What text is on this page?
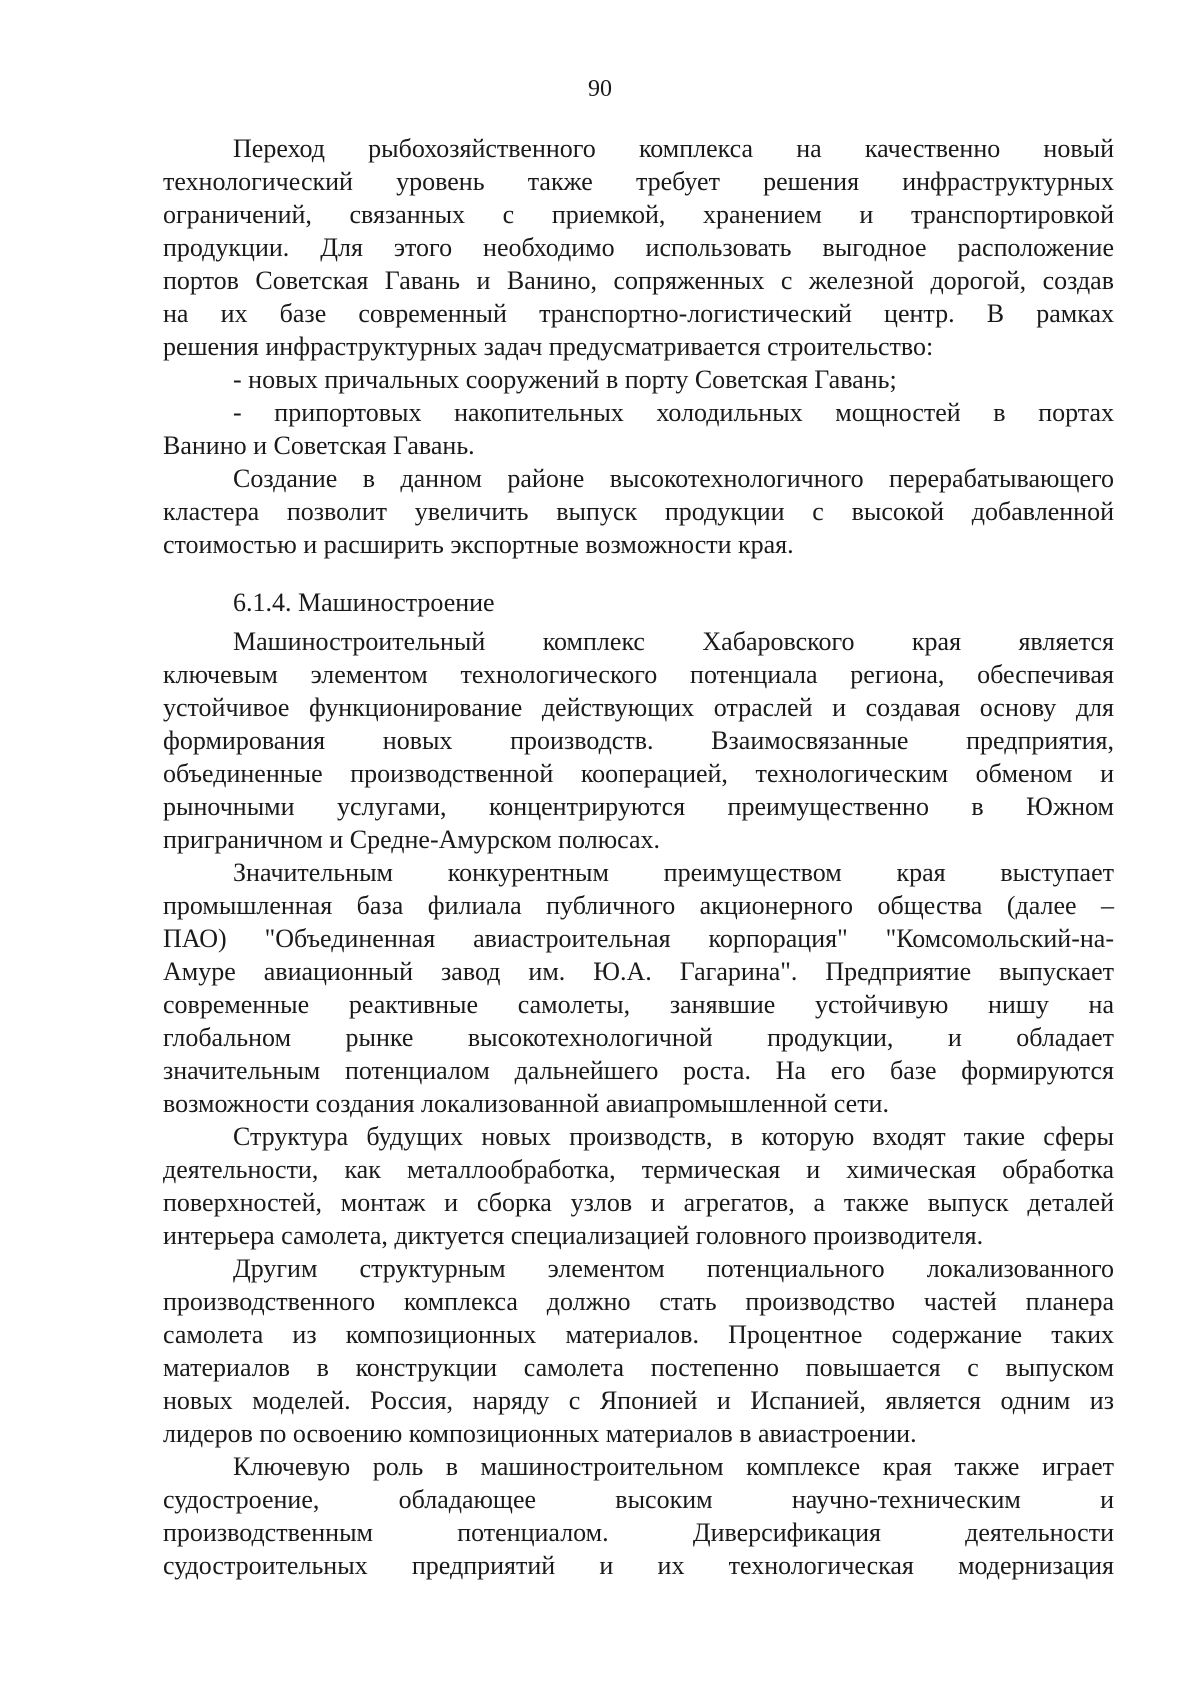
90
Переход рыбохозяйственного комплекса на качественно новый
технологический уровень также требует решения инфраструктурных
ограничений, связанных с приемкой, хранением и транспортировкой
продукции. Для этого необходимо использовать выгодное расположение
портов Советская Гавань и Ванино, сопряженных с железной дорогой, создав
на их базе современный транспортно-логистический центр. В рамках
решения инфраструктурных задач предусматривается строительство:
- новых причальных сооружений в порту Советская Гавань;
- припортовых накопительных холодильных мощностей в портах
Ванино и Советская Гавань.
Создание в данном районе высокотехнологичного перерабатывающего
кластера позволит увеличить выпуск продукции с высокой добавленной
стоимостью и расширить экспортные возможности края.
6.1.4. Машиностроение
Машиностроительный комплекс Хабаровского края является
ключевым элементом технологического потенциала региона, обеспечивая
устойчивое функционирование действующих отраслей и создавая основу для
формирования новых производств. Взаимосвязанные предприятия,
объединенные производственной кооперацией, технологическим обменом и
рыночными услугами, концентрируются преимущественно в Южном
приграничном и Средне-Амурском полюсах.
Значительным конкурентным преимуществом края выступает
промышленная база филиала публичного акционерного общества (далее –
ПАО) "Объединенная авиастроительная корпорация" "Комсомольский-на-
Амуре авиационный завод им. Ю.А. Гагарина". Предприятие выпускает
современные реактивные самолеты, занявшие устойчивую нишу на
глобальном рынке высокотехнологичной продукции, и обладает
значительным потенциалом дальнейшего роста. На его базе формируются
возможности создания локализованной авиапромышленной сети.
Структура будущих новых производств, в которую входят такие сферы
деятельности, как металлообработка, термическая и химическая обработка
поверхностей, монтаж и сборка узлов и агрегатов, а также выпуск деталей
интерьера самолета, диктуется специализацией головного производителя.
Другим структурным элементом потенциального локализованного
производственного комплекса должно стать производство частей планера
самолета из композиционных материалов. Процентное содержание таких
материалов в конструкции самолета постепенно повышается с выпуском
новых моделей. Россия, наряду с Японией и Испанией, является одним из
лидеров по освоению композиционных материалов в авиастроении.
Ключевую роль в машиностроительном комплексе края также играет
судостроение, обладающее высоким научно-техническим и
производственным потенциалом. Диверсификация деятельности
судостроительных предприятий и их технологическая модернизация
